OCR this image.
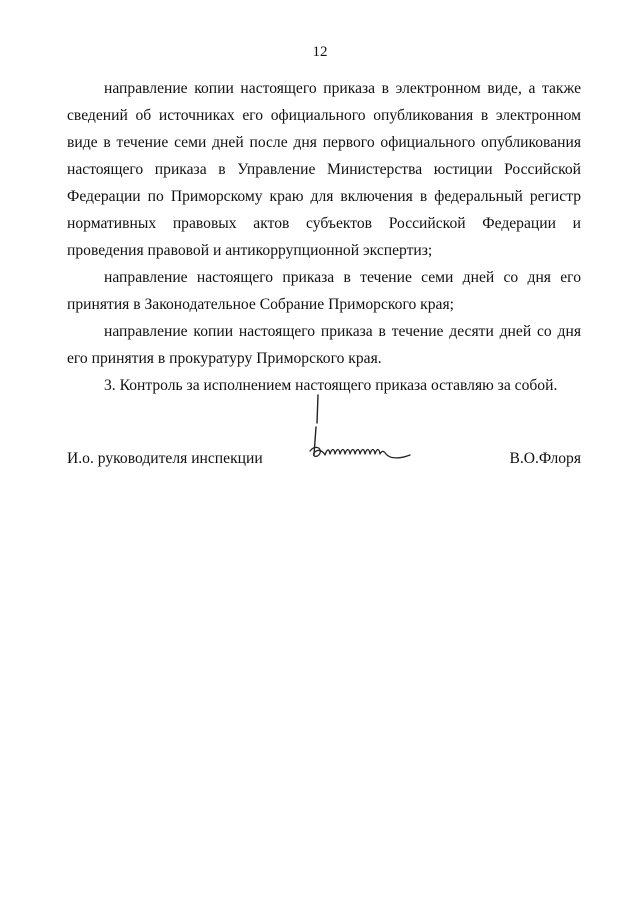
12

направление копии настоящего приказа в электронном виде, а также сведений об источниках его официального опубликования в электронном виде в течение семи дней после дня первого официального опубликования настоящего приказа в Управление Министерства юстиции Российской Федерации по Приморскому краю для включения в федеральный регистр нормативных правовых актов субъектов Российской Федерации и проведения правовой и антикоррупционной экспертиз;

направление настоящего приказа в течение семи дней со дня его принятия в Законодательное Собрание Приморского края;

направление копии настоящего приказа в течение десяти дней со дня его принятия в прокуратуру Приморского края.

3. Контроль за исполнением настоящего приказа оставляю за собой.

И.о. руководителя инспекции	В.О.Флоря
